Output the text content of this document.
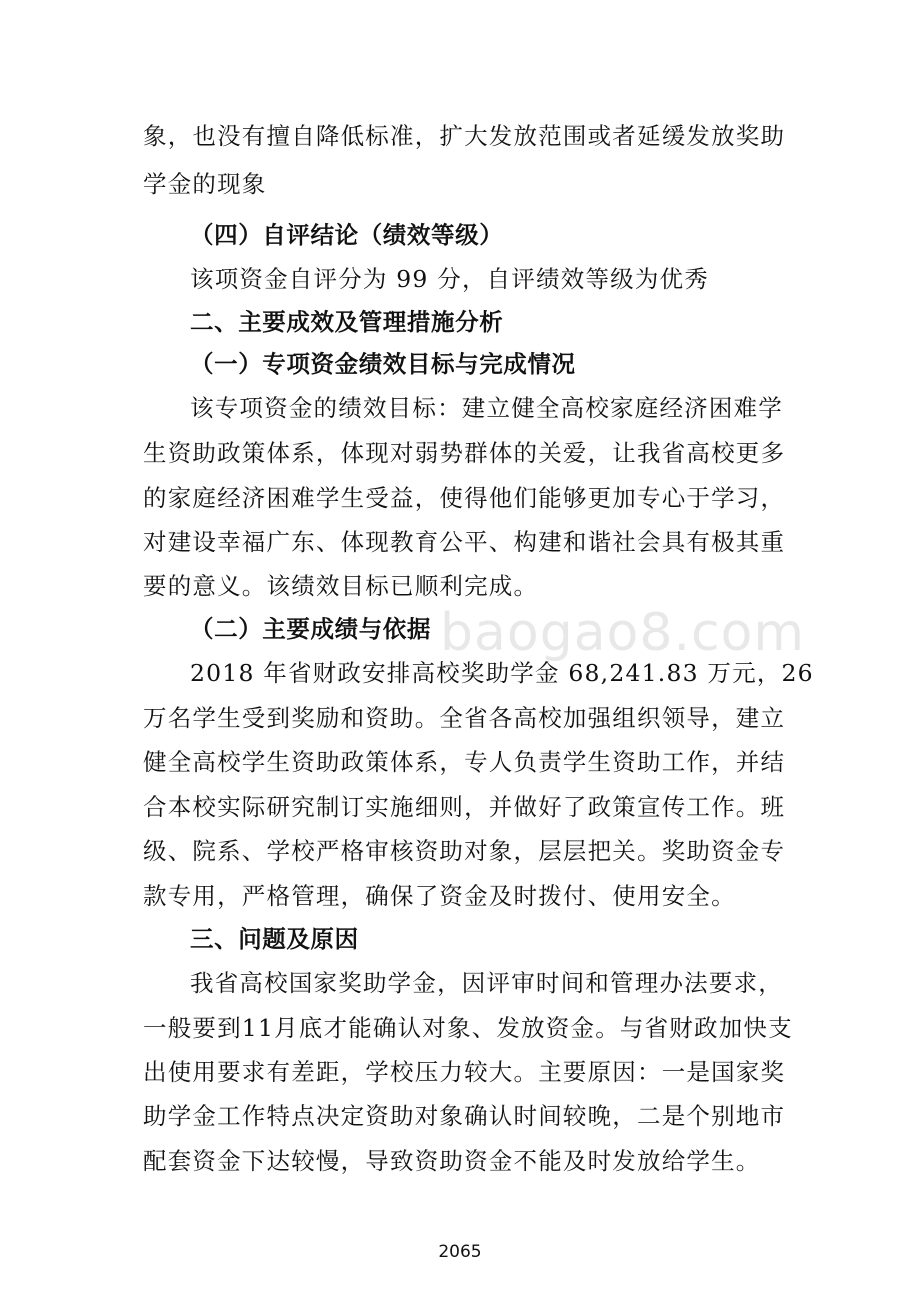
象，也没有擅自降低标准，扩大发放范围或者延缓发放奖助
学金的现象
（四）自评结论（绩效等级）
该项资金自评分为 99 分，自评绩效等级为优秀
二、主要成效及管理措施分析
（一）专项资金绩效目标与完成情况
该专项资金的绩效目标：建立健全高校家庭经济困难学
生资助政策体系，体现对弱势群体的关爱，让我省高校更多
的家庭经济困难学生受益，使得他们能够更加专心于学习，
对建设幸福广东、体现教育公平、构建和谐社会具有极其重
要的意义。该绩效目标已顺利完成。
（二）主要成绩与依据
2018 年省财政安排高校奖助学金 68,241.83 万元，26
万名学生受到奖励和资助。全省各高校加强组织领导，建立
健全高校学生资助政策体系，专人负责学生资助工作，并结
合本校实际研究制订实施细则，并做好了政策宣传工作。班
级、院系、学校严格审核资助对象，层层把关。奖助资金专
款专用，严格管理，确保了资金及时拨付、使用安全。
三、问题及原因
我省高校国家奖助学金，因评审时间和管理办法要求，
一般要到11月底才能确认对象、发放资金。与省财政加快支
出使用要求有差距，学校压力较大。主要原因：一是国家奖
助学金工作特点决定资助对象确认时间较晚，二是个别地市
配套资金下达较慢，导致资助资金不能及时发放给学生。
baogao8.com
2065
